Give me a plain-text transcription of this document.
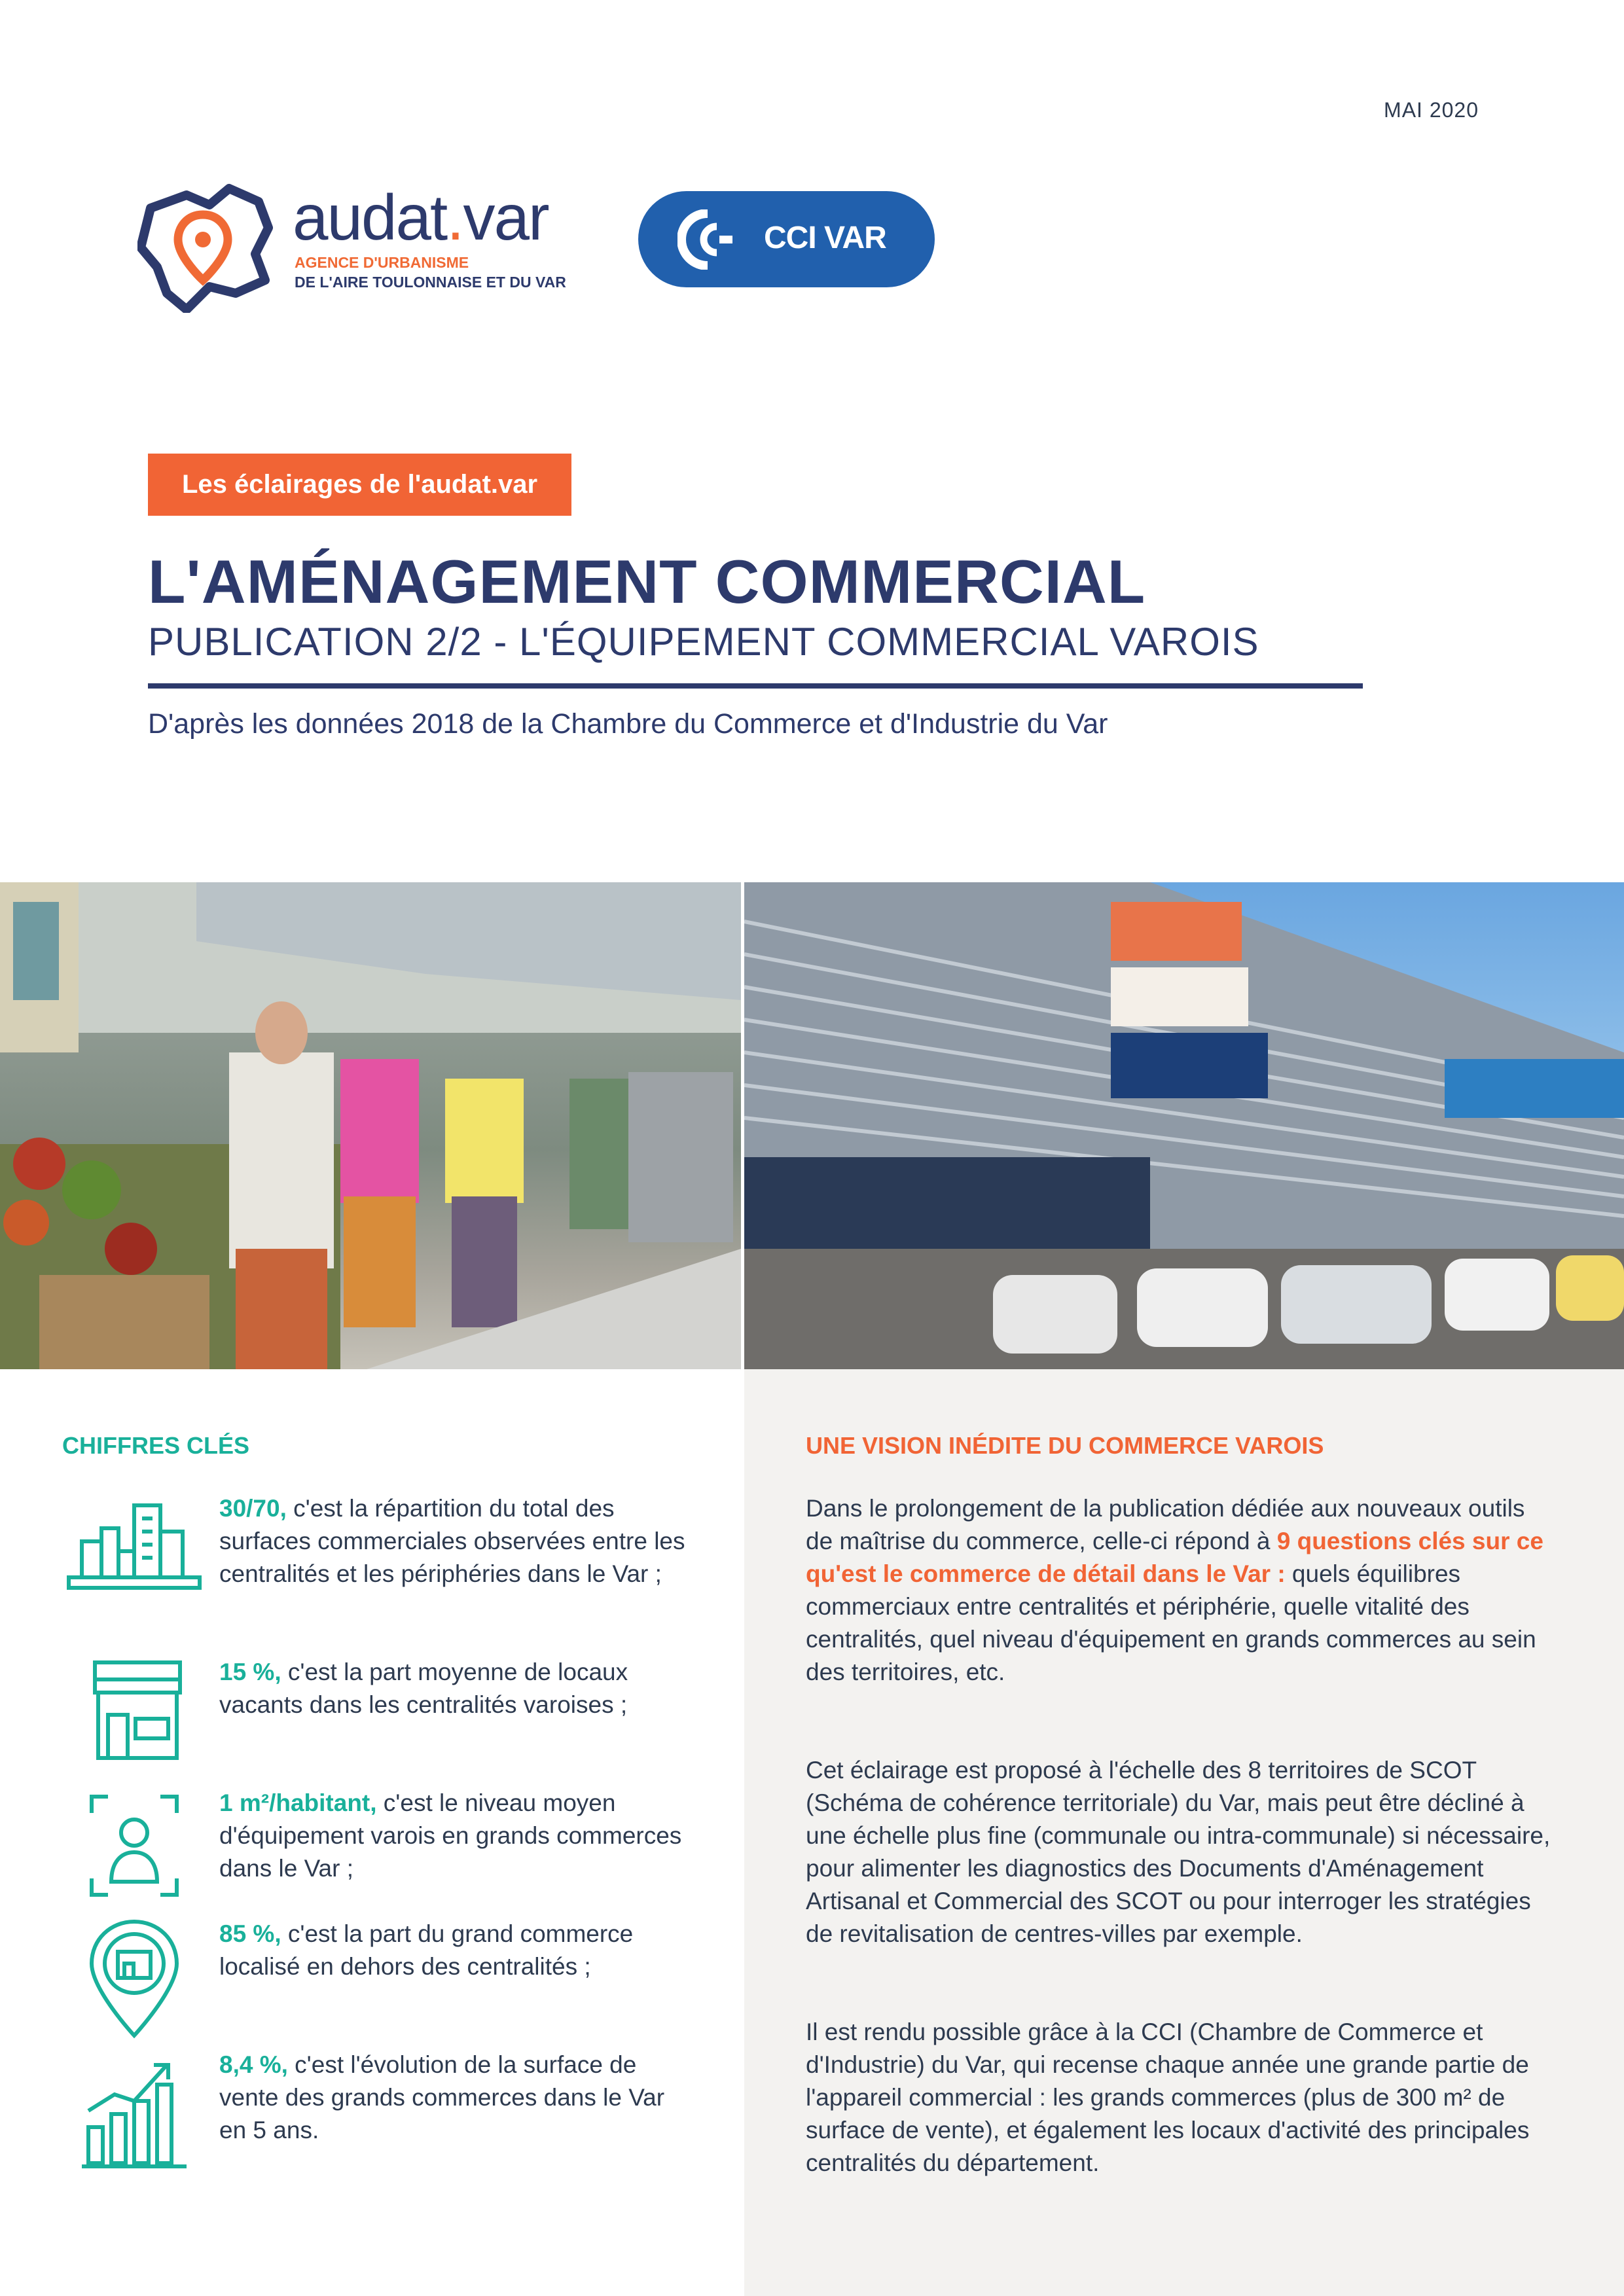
MAI 2020
audat.var
AGENCE D'URBANISME
DE L'AIRE TOULONNAISE ET DU VAR
CCI VAR
Les éclairages de l'audat.var
L'AMÉNAGEMENT COMMERCIAL
PUBLICATION 2/2 - L'ÉQUIPEMENT COMMERCIAL VAROIS
D'après les données 2018 de la Chambre du Commerce et d'Industrie du Var
CHIFFRES CLÉS
30/70, c'est la répartition du total des surfaces commerciales observées entre les centralités et les périphéries dans le Var ;
15 %, c'est la part moyenne de locaux vacants dans les centralités varoises ;
1 m²/habitant, c'est le niveau moyen d'équipement varois en grands commerces dans le Var ;
85 %, c'est la part du grand commerce localisé en dehors des centralités ;
8,4 %, c'est l'évolution de la surface de vente des grands commerces dans le Var en 5 ans.
UNE VISION INÉDITE DU COMMERCE VAROIS
Dans le prolongement de la publication dédiée aux nouveaux outils de maîtrise du commerce, celle-ci répond à 9 questions clés sur ce qu'est le commerce de détail dans le Var : quels équilibres commerciaux entre centralités et périphérie, quelle vitalité des centralités, quel niveau d'équipement en grands commerces au sein des territoires, etc.
Cet éclairage est proposé à l'échelle des 8 territoires de SCOT (Schéma de cohérence territoriale) du Var, mais peut être décliné à une échelle plus fine (communale ou intra-communale) si nécessaire, pour alimenter les diagnostics des Documents d'Aménagement Artisanal et Commercial des SCOT ou pour interroger les stratégies de revitalisation de centres-villes par exemple.
Il est rendu possible grâce à la CCI (Chambre de Commerce et d'Industrie) du Var, qui recense chaque année une grande partie de l'appareil commercial : les grands commerces (plus de 300 m² de surface de vente), et également les locaux d'activité des principales centralités du département.
